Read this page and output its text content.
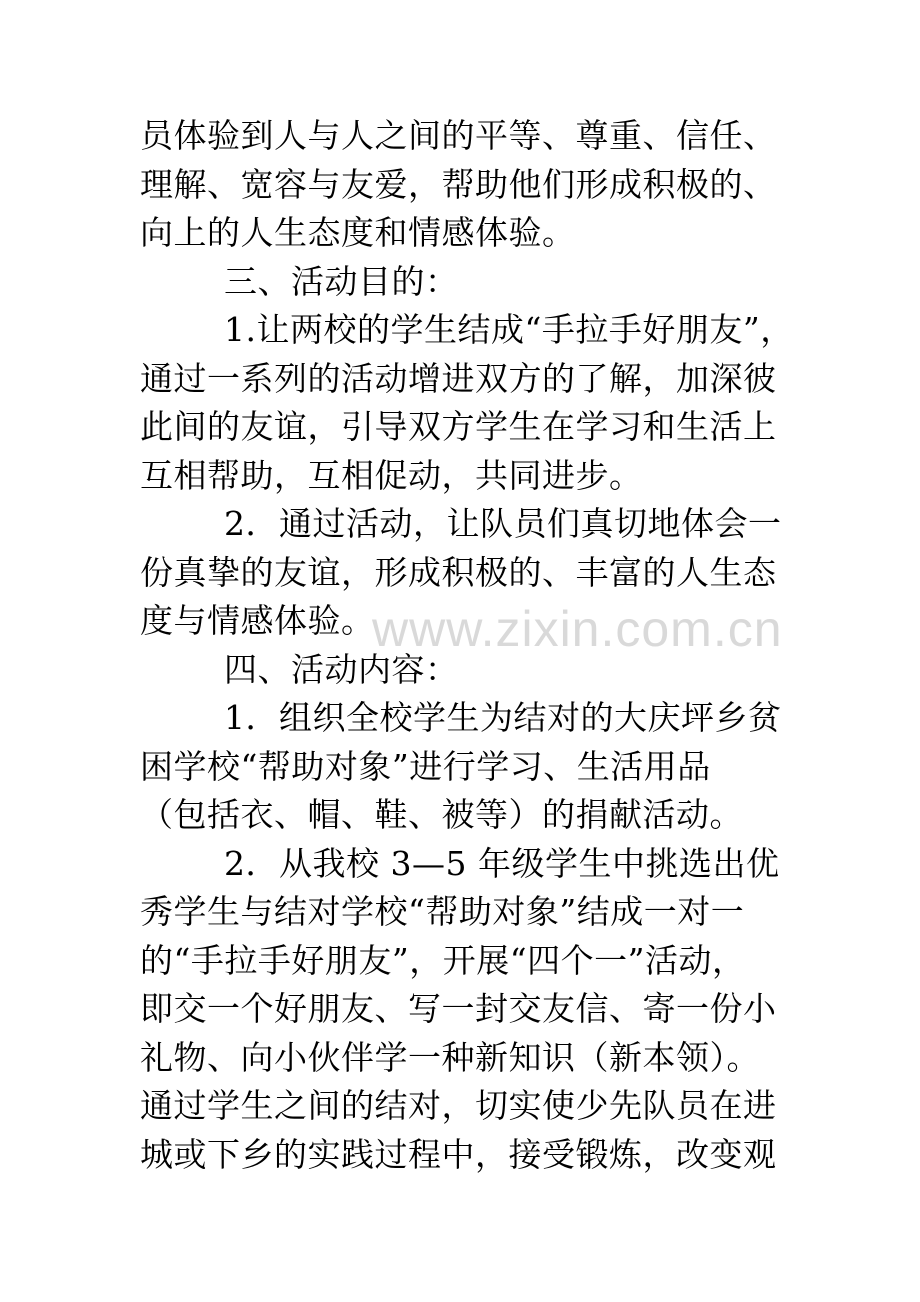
员体验到人与人之间的平等、尊重、信任、
理解、宽容与友爱，帮助他们形成积极的、
向上的人生态度和情感体验。
三、活动目的：
1.让两校的学生结成“手拉手好朋友”，
通过一系列的活动增进双方的了解，加深彼
此间的友谊，引导双方学生在学习和生活上
互相帮助，互相促动，共同进步。
2．通过活动，让队员们真切地体会一
份真挚的友谊，形成积极的、丰富的人生态
度与情感体验。
四、活动内容：
1．组织全校学生为结对的大庆坪乡贫
困学校“帮助对象”进行学习、生活用品
（包括衣、帽、鞋、被等）的捐献活动。
2．从我校 3—5 年级学生中挑选出优
秀学生与结对学校“帮助对象”结成一对一
的“手拉手好朋友”，开展“四个一”活动，
即交一个好朋友、写一封交友信、寄一份小
礼物、向小伙伴学一种新知识（新本领）。
通过学生之间的结对，切实使少先队员在进
城或下乡的实践过程中，接受锻炼，改变观
www.zixin.com.cn
